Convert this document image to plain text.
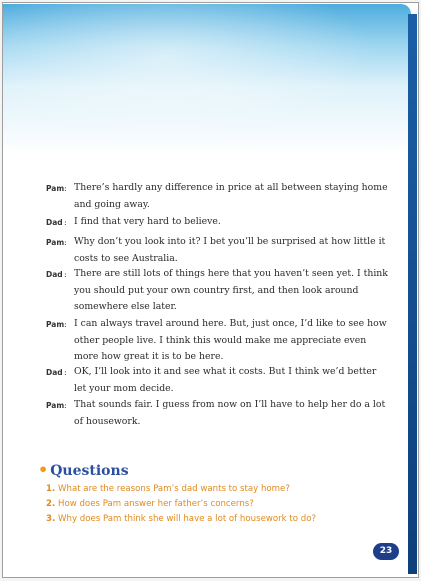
Pam : There’s hardly any difference in price at all between staying home and going away.
Dad : I find that very hard to believe.
Pam : Why don’t you look into it? I bet you’ll be surprised at how little it costs to see Australia.
Dad : There are still lots of things here that you haven’t seen yet. I think you should put your own country first, and then look around somewhere else later.
Pam : I can always travel around here. But, just once, I’d like to see how other people live. I think this would make me appreciate even more how great it is to be here.
Dad : OK, I’ll look into it and see what it costs. But I think we’d better let your mom decide.
Pam : That sounds fair. I guess from now on I’ll have to help her do a lot of housework.
• Questions
1. What are the reasons Pam’s dad wants to stay home?
2. How does Pam answer her father’s concerns?
3. Why does Pam think she will have a lot of housework to do?
23
